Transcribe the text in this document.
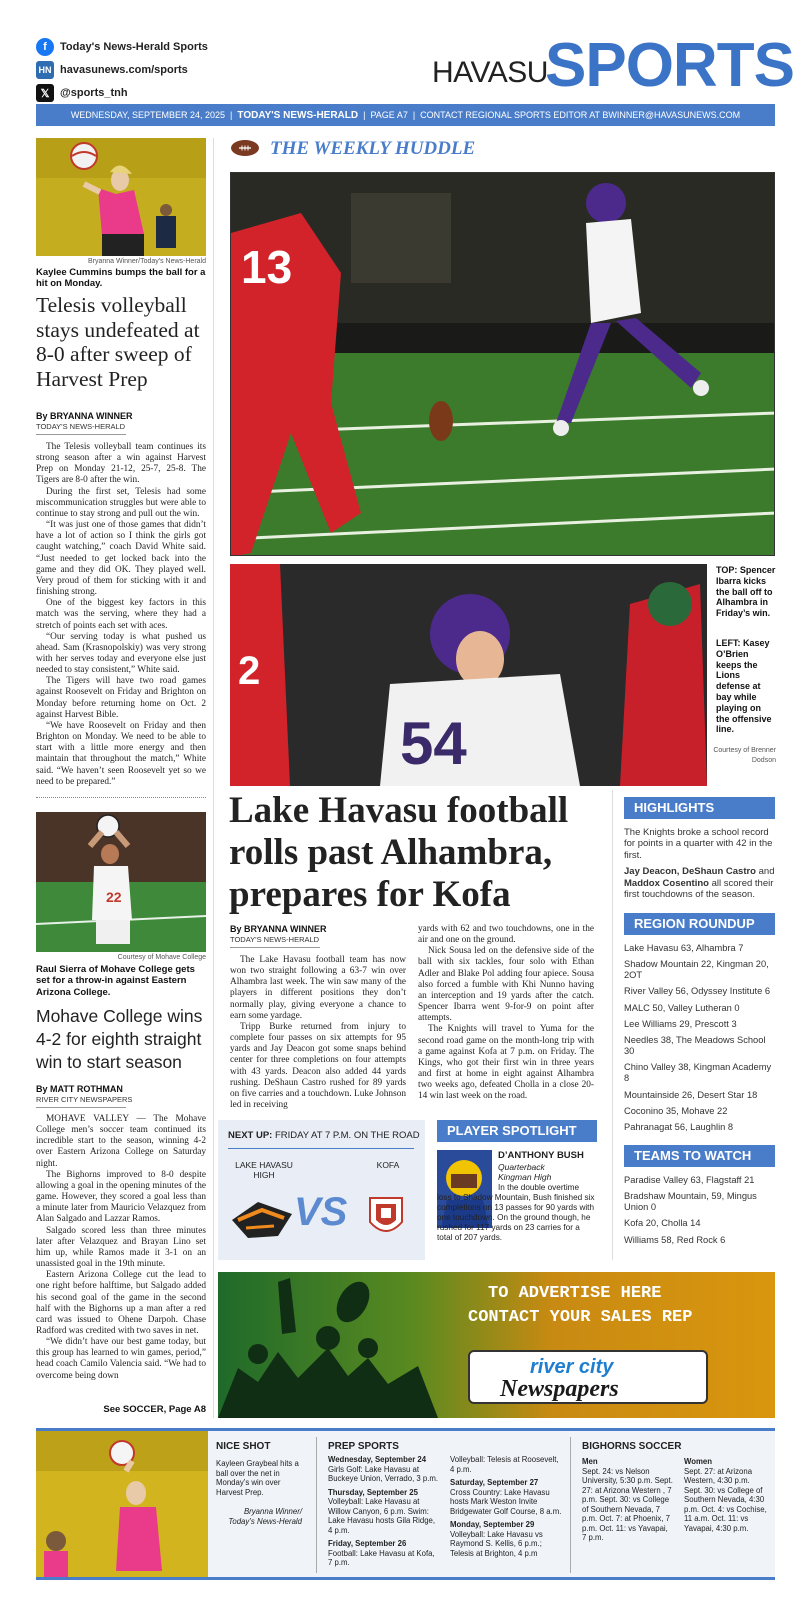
f	Today's News-Herald Sports
HN havasunews.com/sports
𝕏 @sports_tnh
HAVASU
SPORTS
WEDNESDAY, SEPTEMBER 24, 2025 | TODAY'S NEWS-HERALD | PAGE A7 | CONTACT REGIONAL SPORTS EDITOR AT BWINNER@HAVASUNEWS.COM
Bryanna Winner/Today's News-Herald
Kaylee Cummins bumps the ball for a hit on Monday.
Telesis volleyball stays undefeated at 8-0 after sweep of Harvest Prep
By BRYANNA WINNER
TODAY'S NEWS-HERALD

The Telesis volleyball team continues its strong season after a win against Harvest Prep on Monday 21-12, 25-7, 25-8. The Tigers are 8-0 after the win.

During the first set, Telesis had some miscommunication struggles but were able to continue to stay strong and pull out the win.

“It was just one of those games that didn’t have a lot of action so I think the girls got caught watching,” coach David White said. “Just needed to get locked back into the game and they did OK. They played well. Very proud of them for sticking with it and finishing strong.

One of the biggest key factors in this match was the serving, where they had a stretch of points each set with aces.

“Our serving today is what pushed us ahead. Sam (Krasnopolskiy) was very strong with her serves today and everyone else just needed to stay consistent,” White said.

The Tigers will have two road games against Roosevelt on Friday and Brighton on Monday before returning home on Oct. 2 against Harvest Bible.

“We have Roosevelt on Friday and then Brighton on Monday. We need to be able to start with a little more energy and then maintain that throughout the match,” White said. “We haven’t seen Roosevelt yet so we need to be prepared.”

22
Courtesy of Mohave College
Raul Sierra of Mohave College gets set for a throw-in against Eastern Arizona College.
Mohave College wins 4-2 for eighth straight win to start season
By MATT ROTHMAN
RIVER CITY NEWSPAPERS

MOHAVE VALLEY — The Mohave College men’s soccer team continued its incredible start to the season, winning 4-2 over Eastern Arizona College on Saturday night.

The Bighorns improved to 8-0 despite allowing a goal in the opening minutes of the game. However, they scored a goal less than a minute later from Mauricio Velazquez from Alan Salgado and Lazzar Ramos.

Salgado scored less than three minutes later after Velazquez and Brayan Lino set him up, while Ramos made it 3-1 on an unassisted goal in the 19th minute.

Eastern Arizona College cut the lead to one right before halftime, but Salgado added his second goal of the game in the second half with the Bighorns up a man after a red card was issued to Ohene Darpoh. Chase Radford was credited with two saves in net.

“We didn’t have our best game today, but this group has learned to win games, period,” head coach Camilo Valencia said. “We had to overcome being down

See SOCCER, Page A8
THE WEEKLY HUDDLE
13
2
54
TOP: Spencer Ibarra kicks the ball off to Alhambra in Friday’s win.
LEFT: Kasey O’Brien keeps the Lions defense at bay while playing on the offensive line.
Courtesy of Brenner Dodson
Lake Havasu football rolls past Alhambra, prepares for Kofa
By BRYANNA WINNER
TODAY'S NEWS-HERALD

The Lake Havasu football team has now won two straight following a 63-7 win over Alhambra last week. The win saw many of the players in different positions they don’t normally play, giving everyone a chance to earn some yardage.

Tripp Burke returned from injury to complete four passes on six attempts for 95 yards and Jay Deacon got some snaps behind center for three completions on four attempts with 43 yards. Deacon also added 44 yards rushing. DeShaun Castro rushed for 89 yards on five carries and a touchdown. Luke Johnson led in receiving

yards with 62 and two touchdowns, one in the air and one on the ground.

Nick Sousa led on the defensive side of the ball with six tackles, four solo with Ethan Adler and Blake Pol adding four apiece. Sousa also forced a fumble with Khi Nunno having an interception and 19 yards after the catch. Spencer Ibarra went 9-for-9 on point after attempts.

The Knights will travel to Yuma for the second road game on the month-long trip with a game against Kofa at 7 p.m. on Friday. The Kings, who got their first win in three years and first at home in eight against Alhambra two weeks ago, defeated Cholla in a close 20-14 win last week on the road.

NEXT UP: FRIDAY AT 7 P.M. ON THE ROAD
LAKE HAVASU HIGH
KOFA
VS
PLAYER SPOTLIGHT
D’ANTHONY BUSH
Quarterback
Kingman High
In the double overtime loss to Shadow Mountain, Bush finished six completions on 13 passes for 90 yards with one touchdown. On the ground though, he rushed for 117 yards on 23 carries for a total of 207 yards.
HIGHLIGHTS
The Knights broke a school record for points in a quarter with 42 in the first.
Jay Deacon, DeShaun Castro and Maddox Cosentino all scored their first touchdowns of the season.
REGION ROUNDUP
Lake Havasu 63, Alhambra 7
Shadow Mountain 22, Kingman 20, 2OT
River Valley 56, Odyssey Institute 6
MALC 50, Valley Lutheran 0
Lee Williams 29, Prescott 3
Needles 38, The Meadows School 30
Chino Valley 38, Kingman Academy 8
Mountainside 26, Desert Star 18
Coconino 35, Mohave 22
Pahranagat 56, Laughlin 8
TEAMS TO WATCH
Paradise Valley 63, Flagstaff 21
Bradshaw Mountain, 59, Mingus Union 0
Kofa 20, Cholla 14
Williams 58, Red Rock 6
TO ADVERTISE HERE
CONTACT YOUR SALES REP
river city
Newspapers
NICE SHOT
Kayleen Graybeal hits a ball over the net in Monday’s win over Harvest Prep.
Bryanna Winner/ Today’s News-Herald
PREP SPORTS
Wednesday, September 24
Girls Golf: Lake Havasu at Buckeye Union, Verrado, 3 p.m.
Thursday, September 25
Volleyball: Lake Havasu at Willow Canyon, 6 p.m. Swim: Lake Havasu hosts Gila Ridge, 4 p.m.
Friday, September 26
Football: Lake Havasu at Kofa, 7 p.m.
Volleyball: Telesis at Roosevelt, 4 p.m.
Saturday, September 27
Cross Country: Lake Havasu hosts Mark Weston Invite Bridgewater Golf Course, 8 a.m.
Monday, September 29
Volleyball: Lake Havasu vs Raymond S. Kellis, 6 p.m.; Telesis at Brighton, 4 p.m
BIGHORNS SOCCER
Men
Sept. 24: vs Nelson University, 5:30 p.m. Sept. 27: at Arizona Western , 7 p.m. Sept. 30: vs College of Southern Nevada, 7 p.m. Oct. 7: at Phoenix, 7 p.m. Oct. 11: vs Yavapai, 7 p.m.
Women
Sept. 27: at Arizona Western, 4:30 p.m. Sept. 30: vs College of Southern Nevada, 4:30 p.m. Oct. 4: vs Cochise, 11 a.m. Oct. 11: vs Yavapai, 4:30 p.m.
